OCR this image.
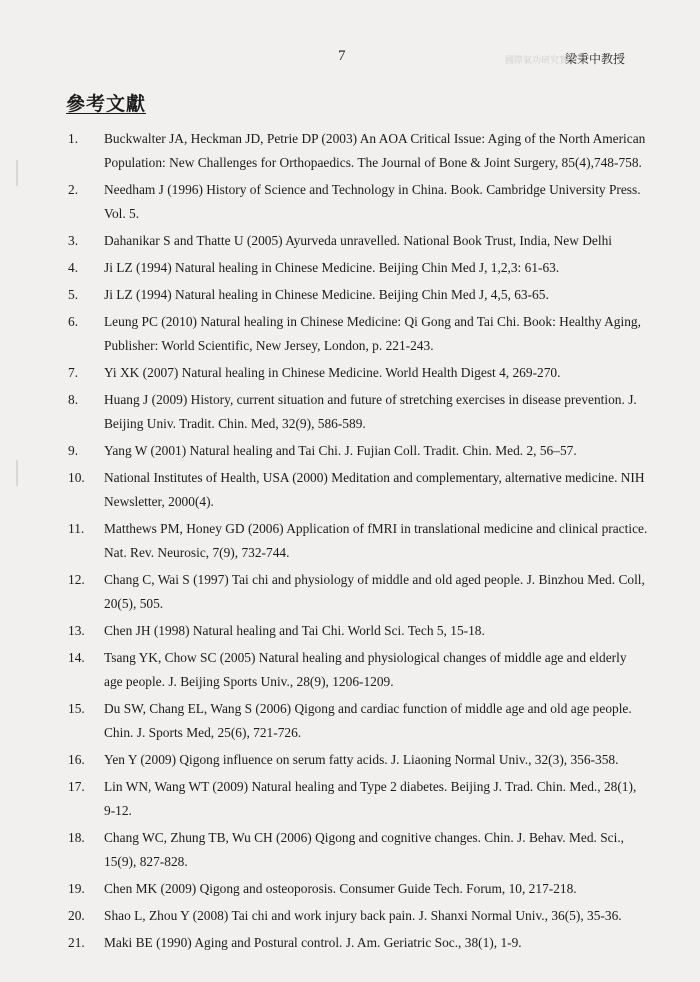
國際氣功研究實驗
7	梁秉中教授
參考文獻
1.	Buckwalter JA, Heckman JD, Petrie DP (2003) An AOA Critical Issue: Aging of the North American Population: New Challenges for Orthopaedics. The Journal of Bone & Joint Surgery, 85(4),748-758.
2.	Needham J (1996) History of Science and Technology in China. Book. Cambridge University Press. Vol. 5.
3.	Dahanikar S and Thatte U (2005) Ayurveda unravelled. National Book Trust, India, New Delhi
4.	Ji LZ (1994) Natural healing in Chinese Medicine. Beijing Chin Med J, 1,2,3: 61-63.
5.	Ji LZ (1994) Natural healing in Chinese Medicine. Beijing Chin Med J, 4,5, 63-65.
6.	Leung PC (2010) Natural healing in Chinese Medicine: Qi Gong and Tai Chi. Book: Healthy Aging, Publisher: World Scientific, New Jersey, London, p. 221-243.
7.	Yi XK (2007) Natural healing in Chinese Medicine. World Health Digest 4, 269-270.
8.	Huang J (2009) History, current situation and future of stretching exercises in disease prevention. J. Beijing Univ. Tradit. Chin. Med, 32(9), 586-589.
9.	Yang W (2001) Natural healing and Tai Chi. J. Fujian Coll. Tradit. Chin. Med. 2, 56–57.
10.	National Institutes of Health, USA (2000) Meditation and complementary, alternative medicine. NIH Newsletter, 2000(4).
11.	Matthews PM, Honey GD (2006) Application of fMRI in translational medicine and clinical practice. Nat. Rev. Neurosic, 7(9), 732-744.
12.	Chang C, Wai S (1997) Tai chi and physiology of middle and old aged people. J. Binzhou Med. Coll, 20(5), 505.
13.	Chen JH (1998) Natural healing and Tai Chi. World Sci. Tech 5, 15-18.
14.	Tsang YK, Chow SC (2005) Natural healing and physiological changes of middle age and elderly age people. J. Beijing Sports Univ., 28(9), 1206-1209.
15.	Du SW, Chang EL, Wang S (2006) Qigong and cardiac function of middle age and old age people. Chin. J. Sports Med, 25(6), 721-726.
16.	Yen Y (2009) Qigong influence on serum fatty acids. J. Liaoning Normal Univ., 32(3), 356-358.
17.	Lin WN, Wang WT (2009) Natural healing and Type 2 diabetes. Beijing J. Trad. Chin. Med., 28(1), 9-12.
18.	Chang WC, Zhung TB, Wu CH (2006) Qigong and cognitive changes. Chin. J. Behav. Med. Sci., 15(9), 827-828.
19.	Chen MK (2009) Qigong and osteoporosis. Consumer Guide Tech. Forum, 10, 217-218.
20.	Shao L, Zhou Y (2008) Tai chi and work injury back pain. J. Shanxi Normal Univ., 36(5), 35-36.
21.	Maki BE (1990) Aging and Postural control. J. Am. Geriatric Soc., 38(1), 1-9.
